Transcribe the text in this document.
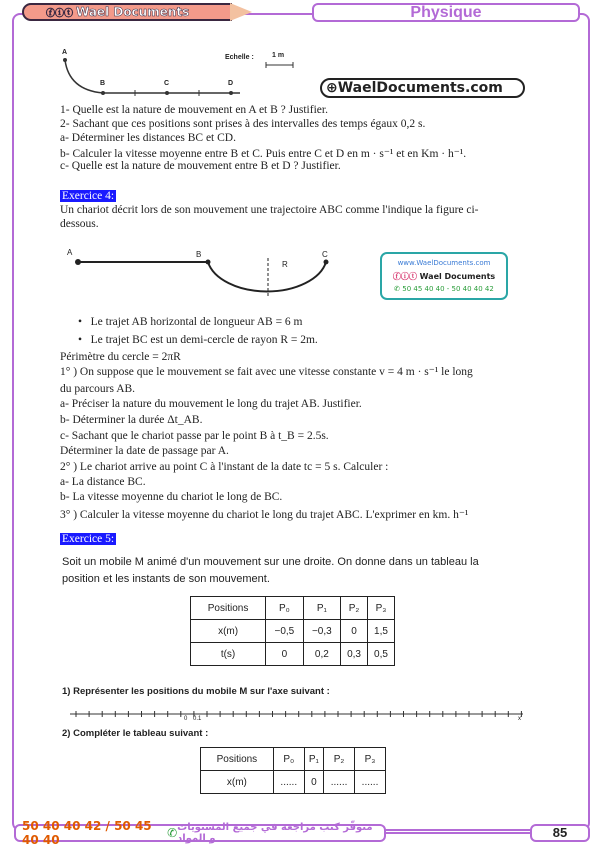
ⓕⓘⓣ Wael Documents	Physique
A
B	C	D
Echelle :	1 m
⊕WaelDocuments.com
1- Quelle est la nature de mouvement en A et B ? Justifier.
2- Sachant que ces positions sont prises à des intervalles des temps égaux 0,2 s.
a- Déterminer les distances BC et CD.
b- Calculer la vitesse moyenne entre B et C. Puis entre C et D en m · s⁻¹ et en Km · h⁻¹.
c- Quelle est la nature de mouvement entre B et D ? Justifier.
Exercice 4:
Un chariot décrit lors de son mouvement une trajectoire ABC comme l'indique la figure ci-
dessous.
A	B	C
R	www.WaelDocuments.com
ⓕⓘⓣ Wael Documents
✆ 50 45 40 40 - 50 40 40 42
•   Le trajet AB horizontal de longueur AB = 6 m
•   Le trajet BC est un demi-cercle de rayon R = 2m.
Périmètre du cercle = 2πR
1° ) On suppose que le mouvement se fait avec une vitesse constante v = 4 m · s⁻¹ le long
du parcours AB.
a- Préciser la nature du mouvement le long du trajet AB. Justifier.
b- Déterminer la durée Δt_AB.
c- Sachant que le chariot passe par le point B à t_B = 2.5s.
Déterminer la date de passage par A.
2° ) Le chariot arrive au point C à l'instant de la date tc = 5 s. Calculer :
a- La distance BC.
b- La vitesse moyenne du chariot le long de BC.
3° ) Calculer la vitesse moyenne du chariot le long du trajet ABC. L'exprimer en km. h⁻¹
Exercice 5:
Soit un mobile M animé d'un mouvement sur une droite. On donne dans un tableau la
position et les instants de son mouvement.
Positions	P₀	P₁	P₂	P₃
x(m)	−0,5	−0,3	0	1,5
t(s)	0	0,2	0,3	0,5
1) Représenter les positions du mobile M sur l'axe suivant :
0 0.1	x
2) Compléter le tableau suivant :
Positions	P₀	P₁	P₂	P₃
x(m)	......	0	......	......
50 40 40 42 / 50 45 40 40	✆ متوفّر كتب مراجعة في جميع المستويات و المواد	85
